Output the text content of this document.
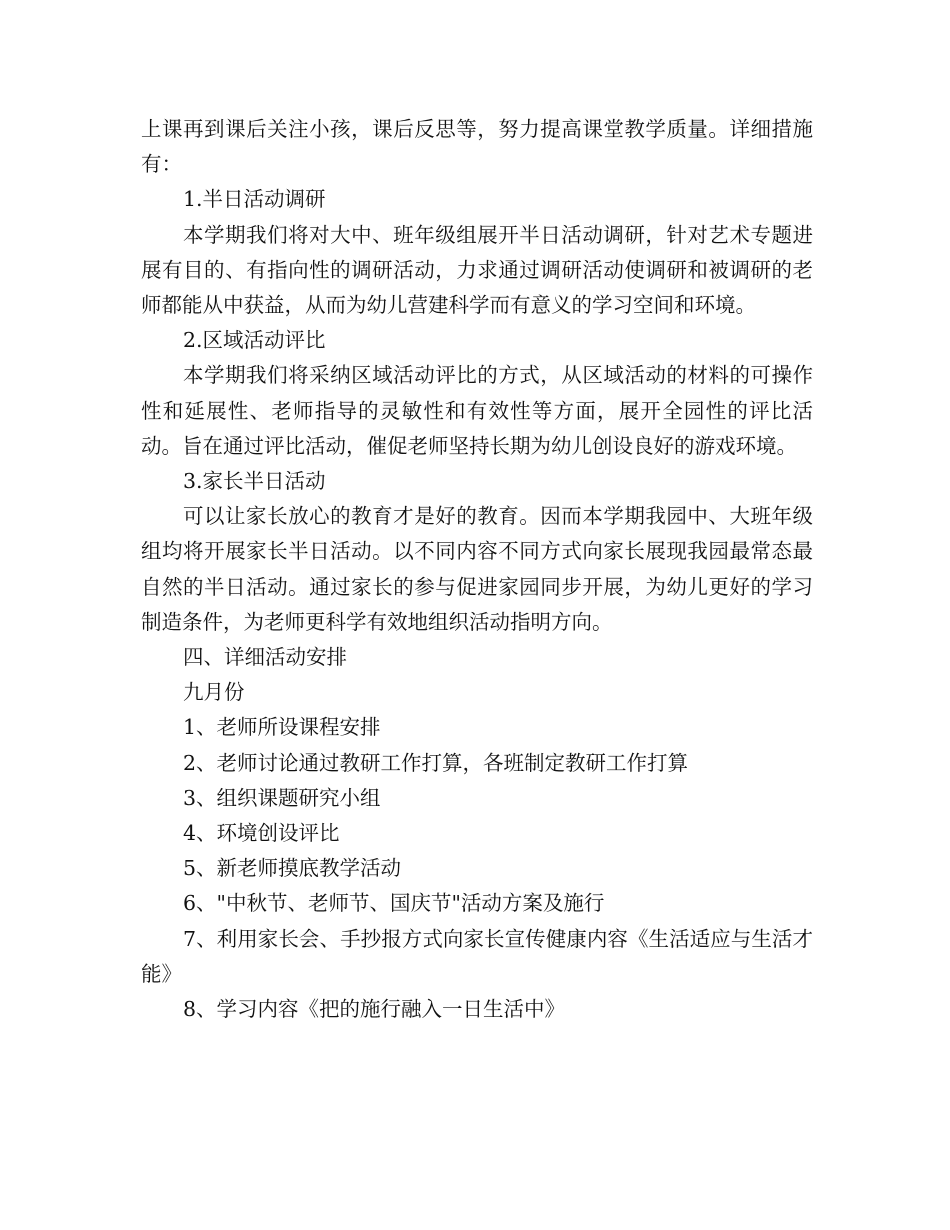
上课再到课后关注小孩，课后反思等，努力提高课堂教学质量。详细措施有：

1.半日活动调研

本学期我们将对大中、班年级组展开半日活动调研，针对艺术专题进展有目的、有指向性的调研活动，力求通过调研活动使调研和被调研的老师都能从中获益，从而为幼儿营建科学而有意义的学习空间和环境。

2.区域活动评比

本学期我们将采纳区域活动评比的方式，从区域活动的材料的可操作性和延展性、老师指导的灵敏性和有效性等方面，展开全园性的评比活动。旨在通过评比活动，催促老师坚持长期为幼儿创设良好的游戏环境。

3.家长半日活动

可以让家长放心的教育才是好的教育。因而本学期我园中、大班年级组均将开展家长半日活动。以不同内容不同方式向家长展现我园最常态最自然的半日活动。通过家长的参与促进家园同步开展，为幼儿更好的学习制造条件，为老师更科学有效地组织活动指明方向。

四、详细活动安排

九月份

1、老师所设课程安排

2、老师讨论通过教研工作打算，各班制定教研工作打算

3、组织课题研究小组

4、环境创设评比

5、新老师摸底教学活动

6、"中秋节、老师节、国庆节"活动方案及施行

7、利用家长会、手抄报方式向家长宣传健康内容《生活适应与生活才能》

8、学习内容《把的施行融入一日生活中》
